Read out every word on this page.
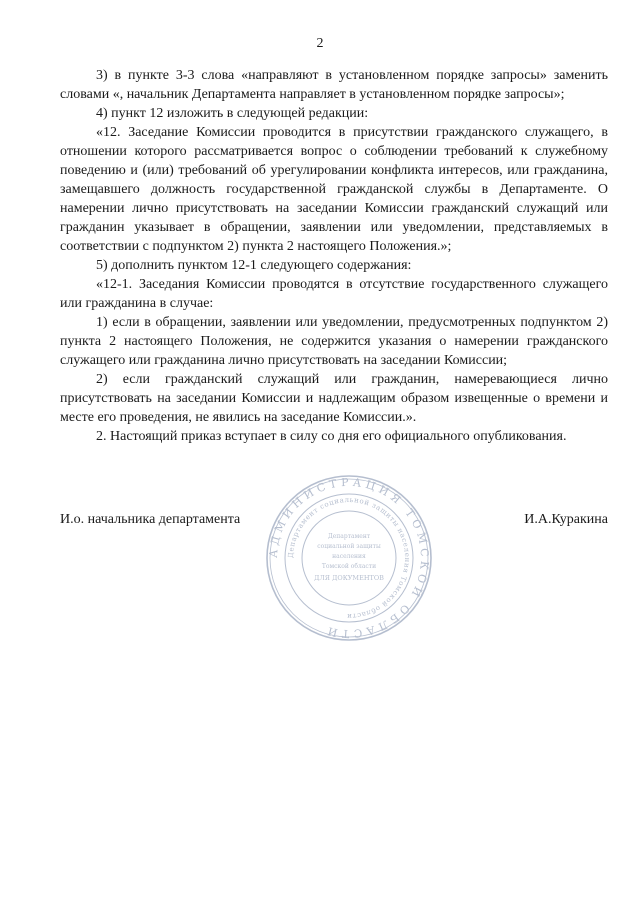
2

3) в пункте 3-3 слова «направляют в установленном порядке запросы» заменить словами «, начальник Департамента направляет в установленном порядке запросы»;

4) пункт 12 изложить в следующей редакции:

«12. Заседание Комиссии проводится в присутствии гражданского служащего, в отношении которого рассматривается вопрос о соблюдении требований к служебному поведению и (или) требований об урегулировании конфликта интересов, или гражданина, замещавшего должность государственной гражданской службы в Департаменте. О намерении лично присутствовать на заседании Комиссии гражданский служащий или гражданин указывает в обращении, заявлении или уведомлении, представляемых в соответствии с подпунктом 2) пункта 2 настоящего Положения.»;

5) дополнить пунктом 12-1 следующего содержания:

«12-1. Заседания Комиссии проводятся в отсутствие государственного служащего или гражданина в случае:

1) если в обращении, заявлении или уведомлении, предусмотренных подпунктом 2) пункта 2 настоящего Положения, не содержится указания о намерении гражданского служащего или гражданина лично присутствовать на заседании Комиссии;

2) если гражданский служащий или гражданин, намеревающиеся лично присутствовать на заседании Комиссии и надлежащим образом извещенные о времени и месте его проведения, не явились на заседание Комиссии.».

2. Настоящий приказ вступает в силу со дня его официального опубликования.

АДМИНИСТРАЦИЯ ТОМСКОЙ ОБЛАСТИ
Департамент социальной защиты населения Томской области
Департамент
социальной защиты
населения
Томской области
ДЛЯ ДОКУМЕНТОВ
И.о. начальника департамента	И.А.Куракина
